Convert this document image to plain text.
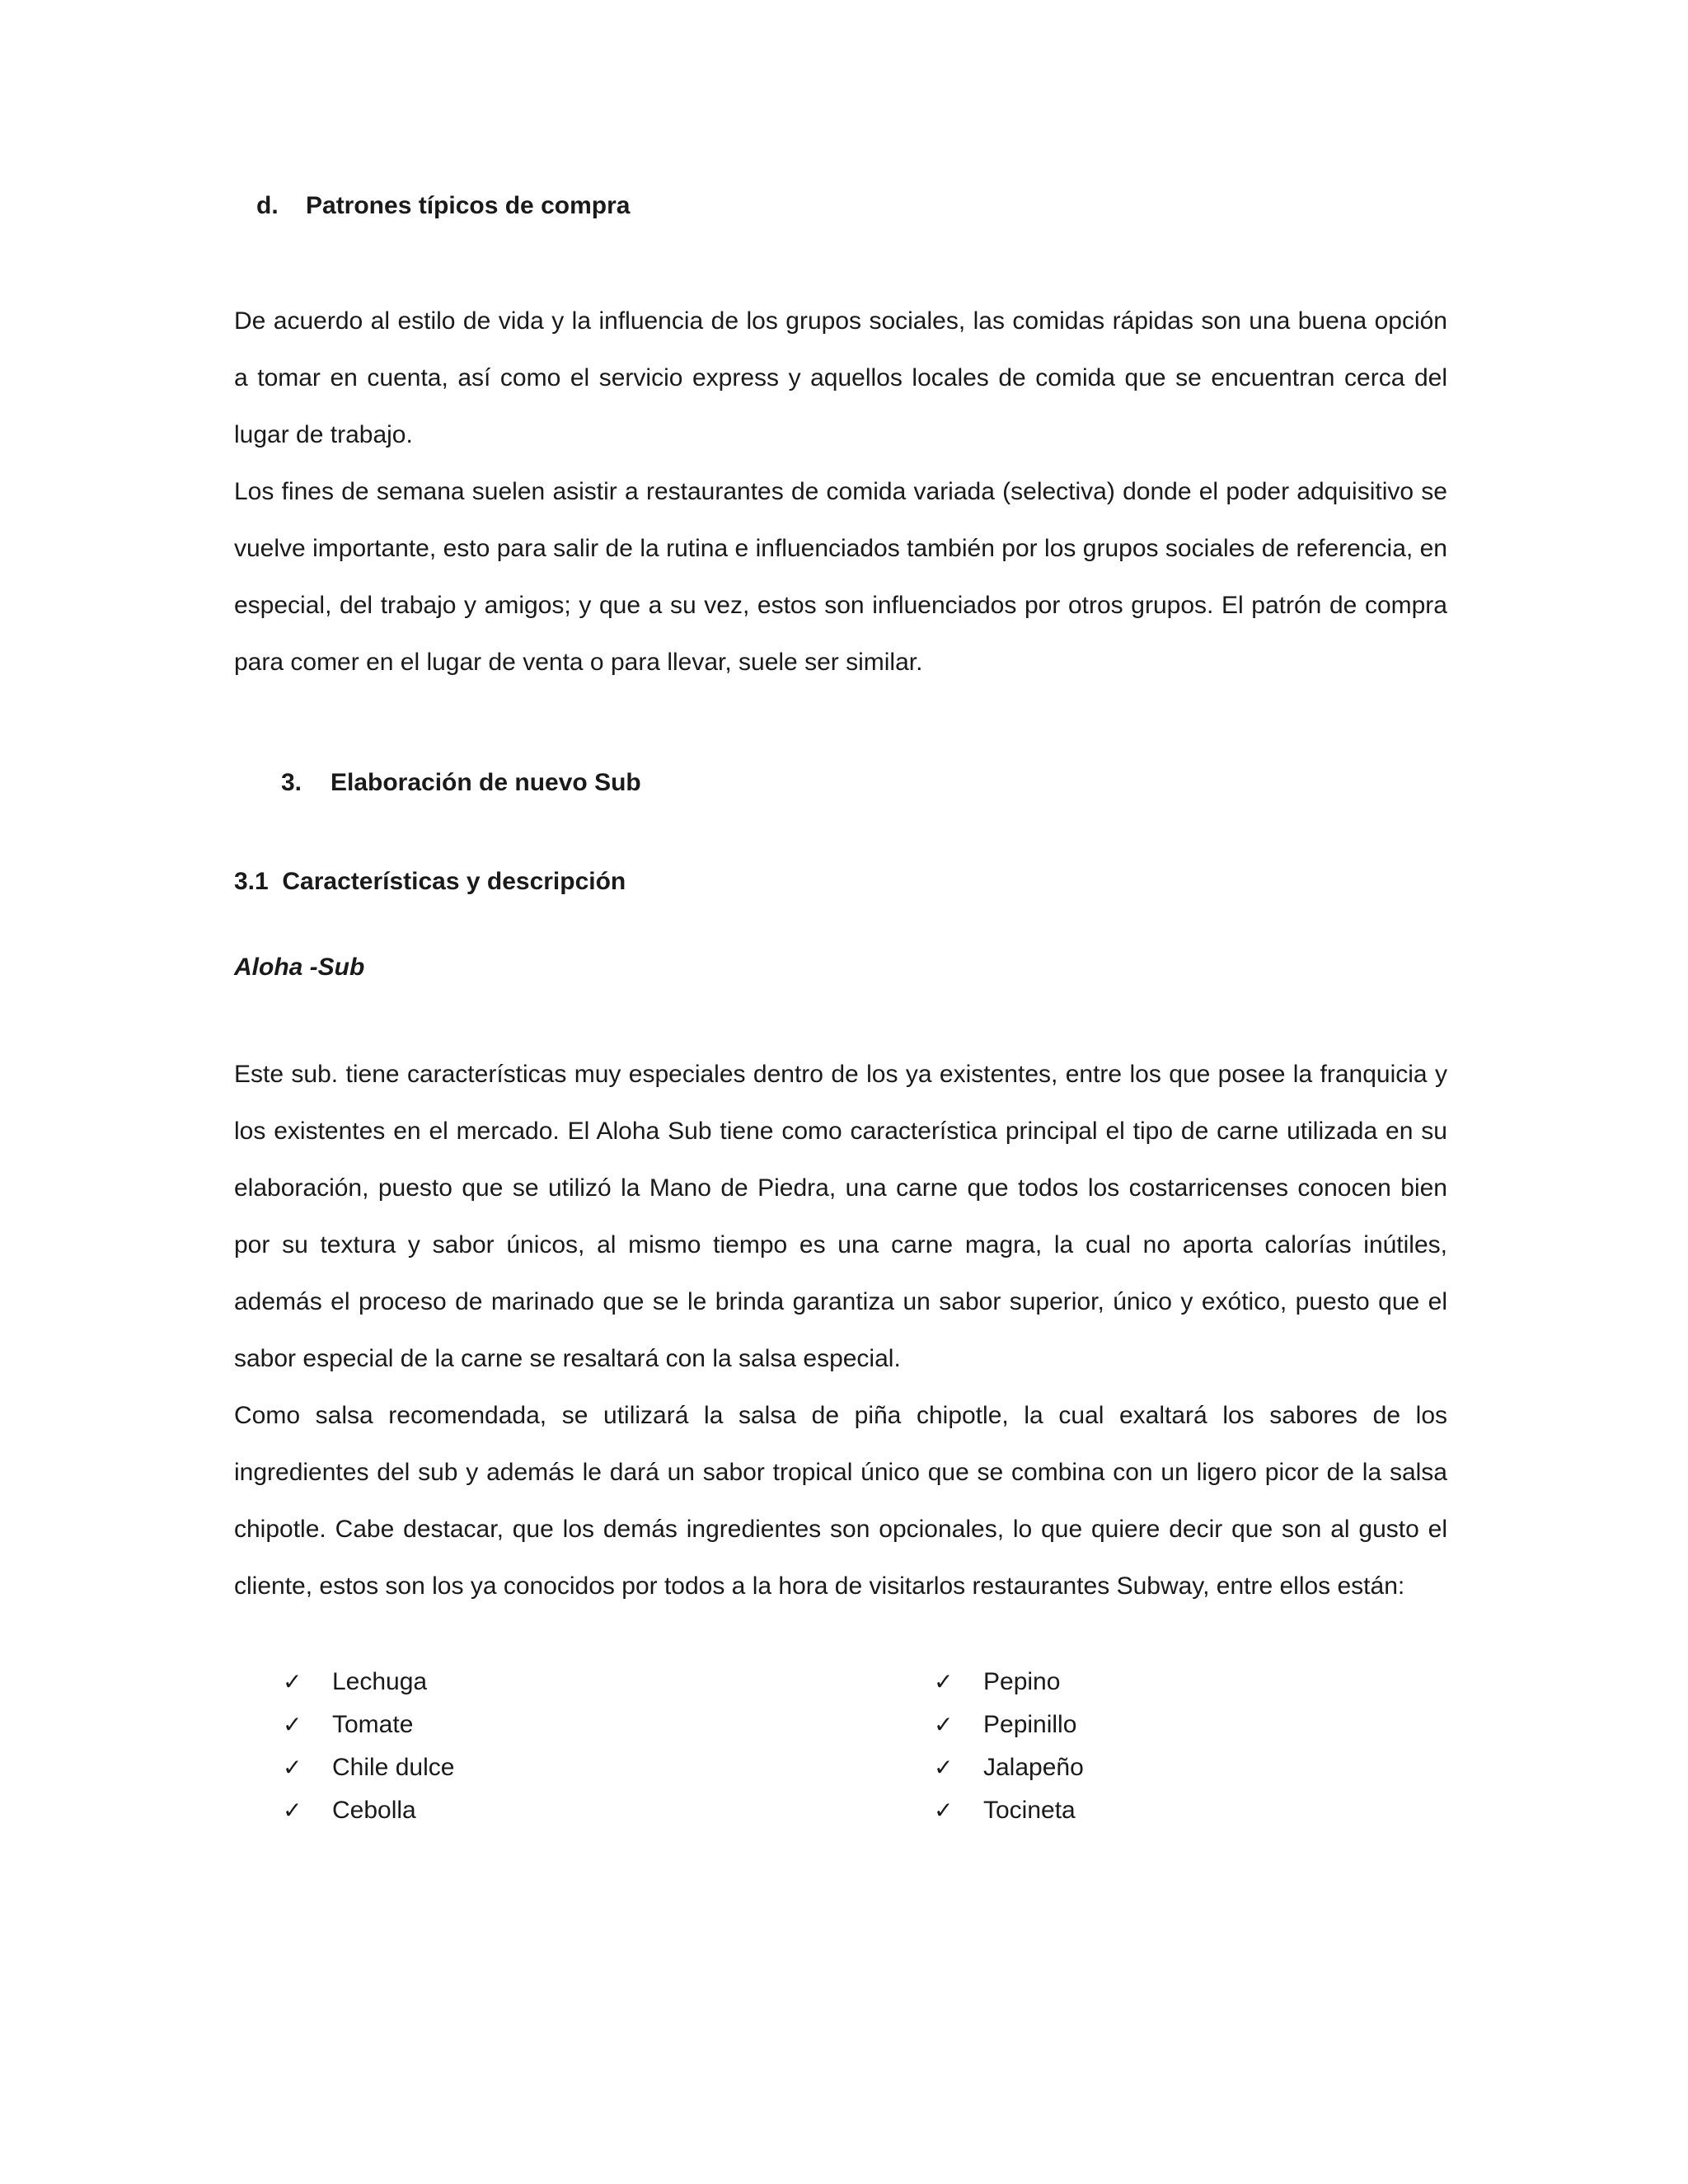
d. Patrones típicos de compra

De acuerdo al estilo de vida y la influencia de los grupos sociales, las comidas rápidas son una buena opción a tomar en cuenta, así como el servicio express y aquellos locales de comida que se encuentran cerca del lugar de trabajo.

Los fines de semana suelen asistir a restaurantes de comida variada (selectiva) donde el poder adquisitivo se vuelve importante, esto para salir de la rutina e influenciados también por los grupos sociales de referencia, en especial, del trabajo y amigos; y que a su vez, estos son influenciados por otros grupos. El patrón de compra para comer en el lugar de venta o para llevar, suele ser similar.

3. Elaboración de nuevo Sub
3.1  Características y descripción
Aloha -Sub

Este sub. tiene características muy especiales dentro de los ya existentes, entre los que posee la franquicia y los existentes en el mercado. El Aloha Sub tiene como característica principal el tipo de carne utilizada en su elaboración, puesto que se utilizó la Mano de Piedra, una carne que todos los costarricenses conocen bien por su textura y sabor únicos, al mismo tiempo es una carne magra, la cual no aporta calorías inútiles, además el proceso de marinado que se le brinda garantiza un sabor superior, único y exótico, puesto que el sabor especial de la carne se resaltará con la salsa especial.

Como salsa recomendada, se utilizará la salsa de piña chipotle, la cual exaltará los sabores de los ingredientes del sub y además le dará un sabor tropical único que se combina con un ligero picor de la salsa chipotle. Cabe destacar, que los demás ingredientes son opcionales, lo que quiere decir que son al gusto el cliente, estos son los ya conocidos por todos a la hora de visitarlos restaurantes Subway, entre ellos están:

✓ Lechuga
✓ Tomate
✓ Chile dulce
✓ Cebolla
✓ Pepino
✓ Pepinillo
✓ Jalapeño
✓ Tocineta
